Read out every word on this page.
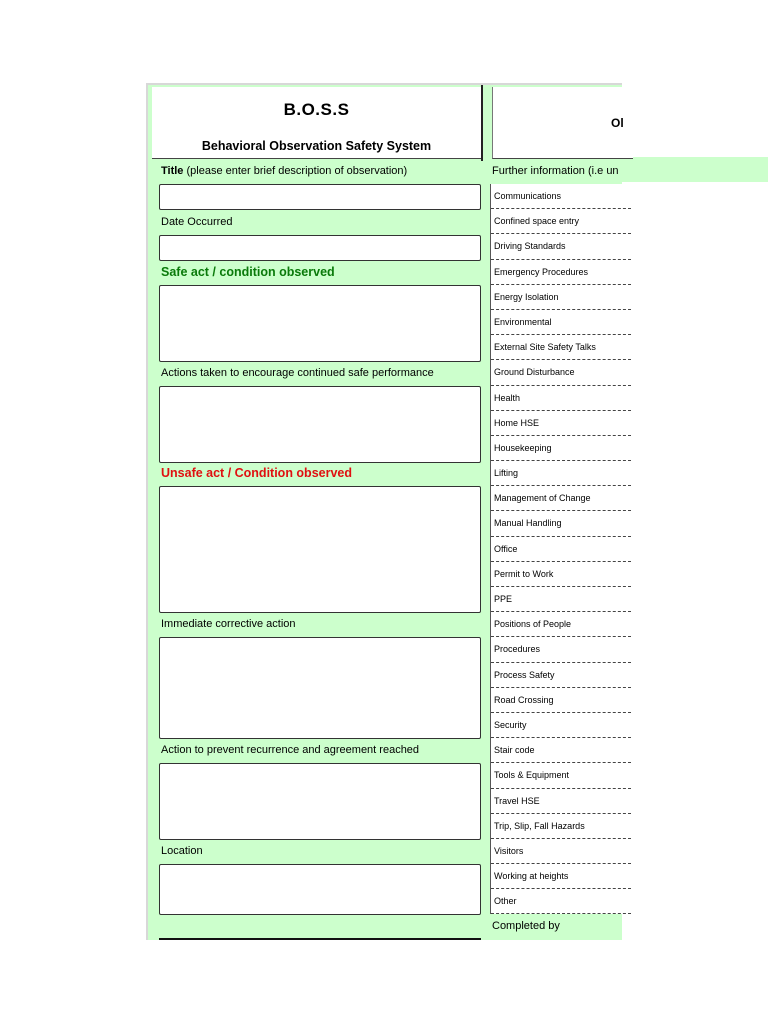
B.O.S.S
Behavioral Observation Safety System
Ol
Title (please enter brief description of observation)
Date Occurred
Safe act / condition observed
Actions taken to encourage continued safe performance
Unsafe act / Condition observed
Immediate corrective action
Action to prevent recurrence and agreement reached
Location
Further information (i.e un
Communications
Confined space entry
Driving Standards
Emergency Procedures
Energy Isolation
Environmental
External Site Safety Talks
Ground Disturbance
Health
Home HSE
Housekeeping
Lifting
Management of Change
Manual Handling
Office
Permit to Work
PPE
Positions of People
Procedures
Process Safety
Road Crossing
Security
Stair code
Tools & Equipment
Travel HSE
Trip, Slip, Fall Hazards
Visitors
Working at heights
Other
Completed by
